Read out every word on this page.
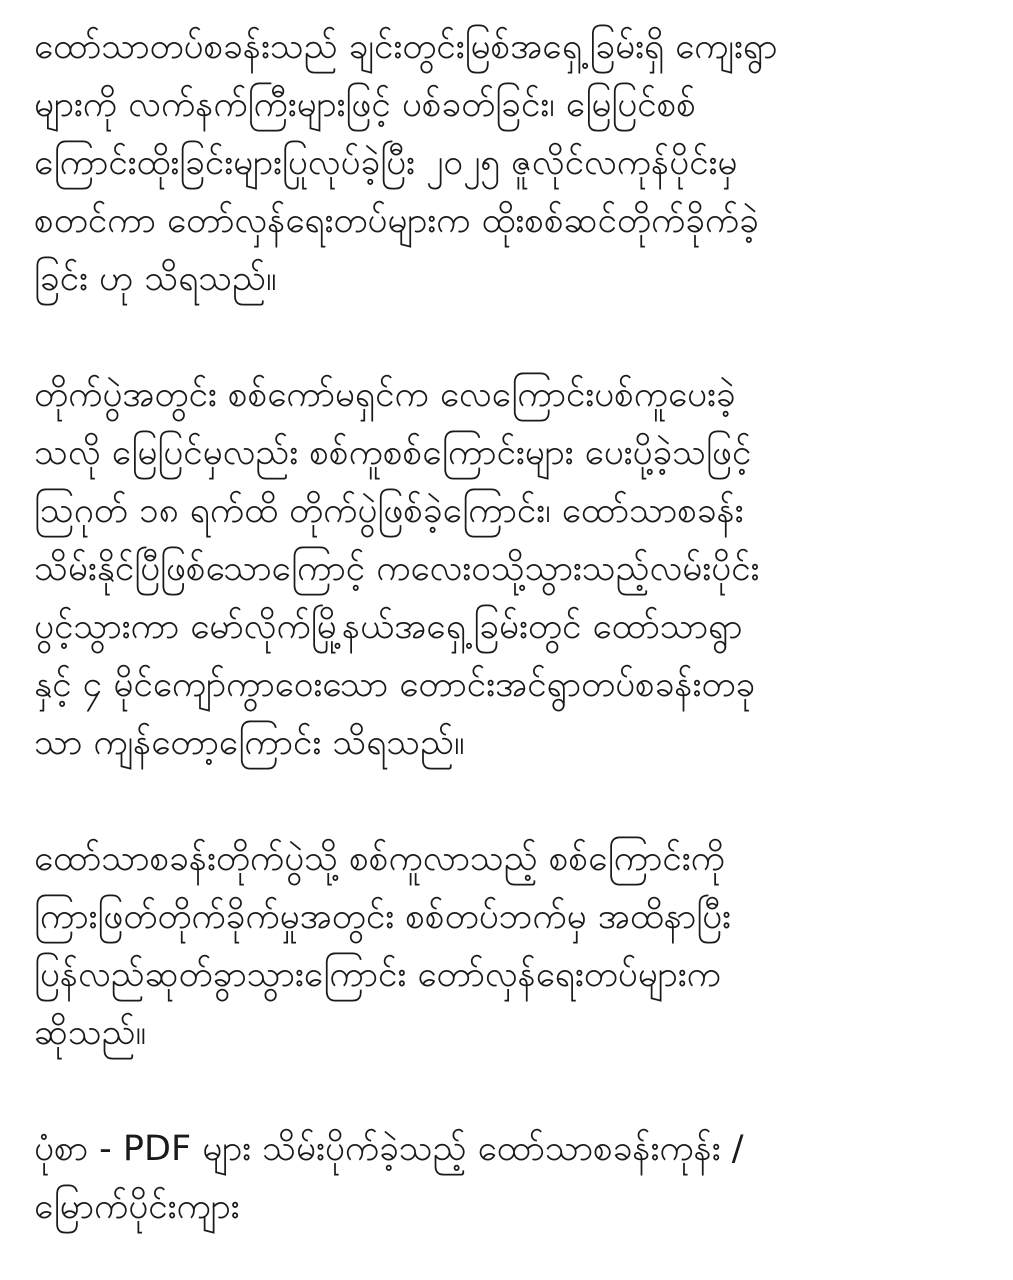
ထော်သာတပ်စခန်းသည် ချင်းတွင်းမြစ်အရှေ့ခြမ်းရှိ ကျေးရွာ
များကို လက်နက်ကြီးများဖြင့် ပစ်ခတ်ခြင်း၊ မြေပြင်စစ်
ကြောင်းထိုးခြင်းများပြုလုပ်ခဲ့ပြီး ၂၀၂၅ ဇူလိုင်လကုန်ပိုင်းမှ
စတင်ကာ တော်လှန်ရေးတပ်များက ထိုးစစ်ဆင်တိုက်ခိုက်ခဲ့
ခြင်း ဟု သိရသည်။

တိုက်ပွဲအတွင်း စစ်ကော်မရှင်က လေကြောင်းပစ်ကူပေးခဲ့
သလို မြေပြင်မှလည်း စစ်ကူစစ်ကြောင်းများ ပေးပို့ခဲ့သဖြင့်
သြဂုတ် ၁၈ ရက်ထိ တိုက်ပွဲဖြစ်ခဲ့ကြောင်း၊ ထော်သာစခန်း
သိမ်းနိုင်ပြီဖြစ်သောကြောင့် ကလေးဝသို့သွားသည့်လမ်းပိုင်း
ပွင့်သွားကာ မော်လိုက်မြို့နယ်အရှေ့ခြမ်းတွင် ထော်သာရွာ
နှင့် ၄ မိုင်ကျော်ကွာဝေးသော တောင်းအင်ရွာတပ်စခန်းတခု
သာ ကျန်တော့ကြောင်း သိရသည်။

ထော်သာစခန်းတိုက်ပွဲသို့ စစ်ကူလာသည့် စစ်ကြောင်းကို
ကြားဖြတ်တိုက်ခိုက်မှုအတွင်း စစ်တပ်ဘက်မှ အထိနာပြီး
ပြန်လည်ဆုတ်ခွာသွားကြောင်း တော်လှန်ရေးတပ်များက
ဆိုသည်။

ပုံစာ - PDF များ သိမ်းပိုက်ခဲ့သည့် ထော်သာစခန်းကုန်း /
မြောက်ပိုင်းကျား
